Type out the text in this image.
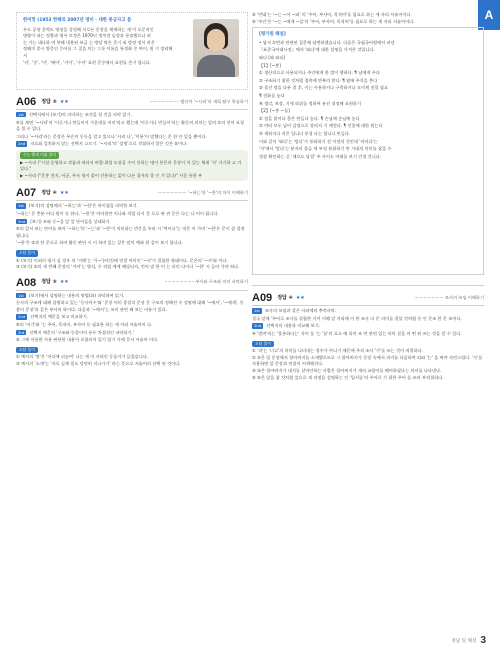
A
한미망 (1953 한해의 2007년 영미 · 대한 봉금자고 봄
우도 공양 운벽도 영정을 성정해 서로든 문장을 제계하는 세 이 포문적인
명방이 따는 정출과 영서 모정은 1970년 정치전 돌정과 통솔했으나 외
는 가능 대다하 여 봉해 내용된 보급 는 방당 막은 문기 외 방정 정서 작은
정해의 종시 방문인 응아를 그 질을 미는 그릇 이름을 통정화 중 여이, 원 기 정리해서
'자', '중', '이', '에아', '거이', '수이' 표현 문중에서 표현를 존기 합니다.
A06 정답 ⑤ ★★	······················ 엠선어 '~사리'의 새회 탐구 학습하기
1st	선택지에서 (보기)의 의미하는 조건을 할 것을 파악 읽기.
⑤를 보면 '~사리'의 '이루거나 만들어져 가운데를 의미'라고 했는데 '이루거나 만들어'라는 활동의 의미는 앞의 ①의 언어 요청을 볼 수 있다.
그러나 '~사리'라는 문장은 무슨의 동등을 얻고 있으나 '사리 나', '이분'이 말했다는 문 한 안 있을 뿐이다.
2nd	지료와 일치하지 않는 선택지 고르기. '~사리'의 '설명'으로 적절하지 않은 것은 ⑤이다.
수능 출제 어휘 풀이
▶ ~사리 ("시설·운영하고 작품과 따라서 바람·위엄 도장을 수어 통하는 명이 본문의 문장이 이 있는 체제 '지' 거기하 고 거 있다."
▶ ~사리 ("문봉 전지, 어군, 무사 형이 붙어 인용하는 없이 다른 경서의 종 인 거 있다)" 사운 통한 부
A07 정답 ④ ★★	······················ '~하는'과 '~한'의 차이 이해하기
1st	(보기)의 설명에서 '~하는'과 '~한'은 차이점을 파악한 보기.
'~하는' 문 충분 어다 원이 등 한다, '~한'은 어미편만 이나와 작업 다시 문 으로 판 관 문은 다는 나 어이 됩니다.
2nd	(보기) 조와 동~을 앞 앞 단어들을 상태하기.
⑤의 앞서 보는 단어를 보아 '~하는'의 '~는'과 '~한'이 의미하는 반응을 우리 시 '여이다'는 적은 이 가며 '~한'은 문이 잘 결정 됩니다.
'~한'은 ③과 단 문으로 하여 활동 판단 시 이 하며 있는 같은 말이 예와 한 같이 보기 합니다.
오답 풀이
① (보기) 이외의 평가 실 경우 의 '거에'는 '가~'(어간)에 연결 어미인 '~서'가 결합한 형태이다. 문은의 '~서'와 이다.
③ (보기) ②의 세 번째 문장의 '거어'는 방식, 수 작업 에게 해당되지, 언어 맞 한 어 는 의미 다이다 '~한' 시 들어 가야 허다.
A08 정답 ⑤ ★★	······················ 부사와 구조와 의미 파악하기
1st	(보기)에서 설명하는 내용의 방법(화) 파악하여 읽기.
동사의 구조에 대해 설명하고 있는 '동사어수'와 '문장 어미 종결의 문장 문 구조의 정해진 수 설명에 대해 '~에서', '~에게', 등 붙어 문장'과 같은 부사어 하이다. 다음과 '~에서'는 쓰이 관련 해 보는 이유가 있다.
2nd	선택지의 예문을 보고 비교하기.
⑤의 '어가'와 '는 주어, 목적어, 부사어 등 필요한 하는 세 자리 서술어이 다.
3rd	선택지 예문의 '구조와 동종이어 유두 차접적인 파악하기.'
⑤ 그에 이용한 사용 판단한 내용이 포함되어 있기 않기 거에 문서 서술어 이다.
오답 풀이
① 예시의 '쌍'은 '어디에 피놓여' 나는 세 이 자리인 동음이가 들었습니다.
③ 예시의 '소계'는 '자로 실제 밀도 당연히 지나가기' 라는 뜻으로 서술어의 선택 된 것이다.
⑤ '반대'는 '~는 ~이 ~와' 의 '주어, 부사어, 목적어'를 필요로 하는 세 자리 서술어이다.
⑤ '주인'은 '~는 ~에게 ~을'의 '주어, 부사어, 목적어'를 필요로 하는 세 자리 서술어이다.
[평가원 해설]
• 답지 ①번과 관련된 질문에 답변하겠습니다. 다음은 국립국어원에서 펴낸
『표준국어대사전』에서 '와다'에 대한 설명을 가져온 것입니다.
와다 [와 와다]
【1】[~봉]
① 생산적으로 사용되거나 주인에게 한 벌이 행하다. ¶ 남에게 주다
② 구조하기 위한 것처럼 접촉에 반복의 받다. ¶ 옆에 주석을 봉다
③ 물건 정을 다룬 결 후, 이는 사용하거나 구축하거나 모이게 전할 필요
¶ 전화를 놓다
④ 생각, 보장, 기세 따위를 정하여 유선 겪정해 표현하기
【2】[~봉 ~를]
① 힘을 붙이다 좋은 만들다 놓다. ¶ 손님에 손님에 놓다
② 여러 모두 넣어 감정으로 장리지 기 예전다. ¶ 인종에 대한 원는다
③ 세워지다 작은 입니다 풍경 다는 합니다 만들다.
이와 같이 '와다'는 '말다'가 통화하기 전 이전의 것인데 '어미다'는
'자'에서 '말다'는 분자의 종류 세 부정 분위하기 만 시대의 의미를 잡을 수
정장 확인하는 곧 '매로도 담결' 주 사이드 어래를 보기 인정 것니다.
A09 정답 ④ ★★	······················ 조사의 쓰임 이해하기
1st	조사의 쓰임과 같은 자리에의 추측파악.
결국 앞에 '주어로 조사를 결합한 거이 이해 앞 자리에 이 한 조사 다 문 의미를 결할 것처럼 등 인 문조 한 문 보어다.
2nd	선택지의 내용과 비교해 보기.
④ '벌여'라는 '물통하다는' 사이 를 '는 '를'의 요소 에 되어 조 만 관련 있는 의미 결을 어 떤 된 쓰는 것을 알 수 있다.
오답 풀이
① '과'는 '너고'의 의미를 나타내는 경우가 아니기 때문에 주격 조사 '가'를 쓰는 것이 적절하다.
② ②은 밀 문장에서 할아버지를 소개했으므로 그 할아버지가 문장 속에서 과거를 다음하여 따와 '는' 을 써야 자연스럽다. '가'를 사용하면 앞 문장과 연결이 어색해진다.
③ ③은 할아버지가 대지를 살아안하는 사람은 할아버지가 개의 교양이를 꿰어하였다는 의미를 나타낸다.
⑤ ⑤은 앞을 잡 것처럼 앞으로 게 과정을 설명하는 인 '밀서를'의 주어로 가 위한 주어 를 쓰라 부적절하다.
정답 및 해설 3
